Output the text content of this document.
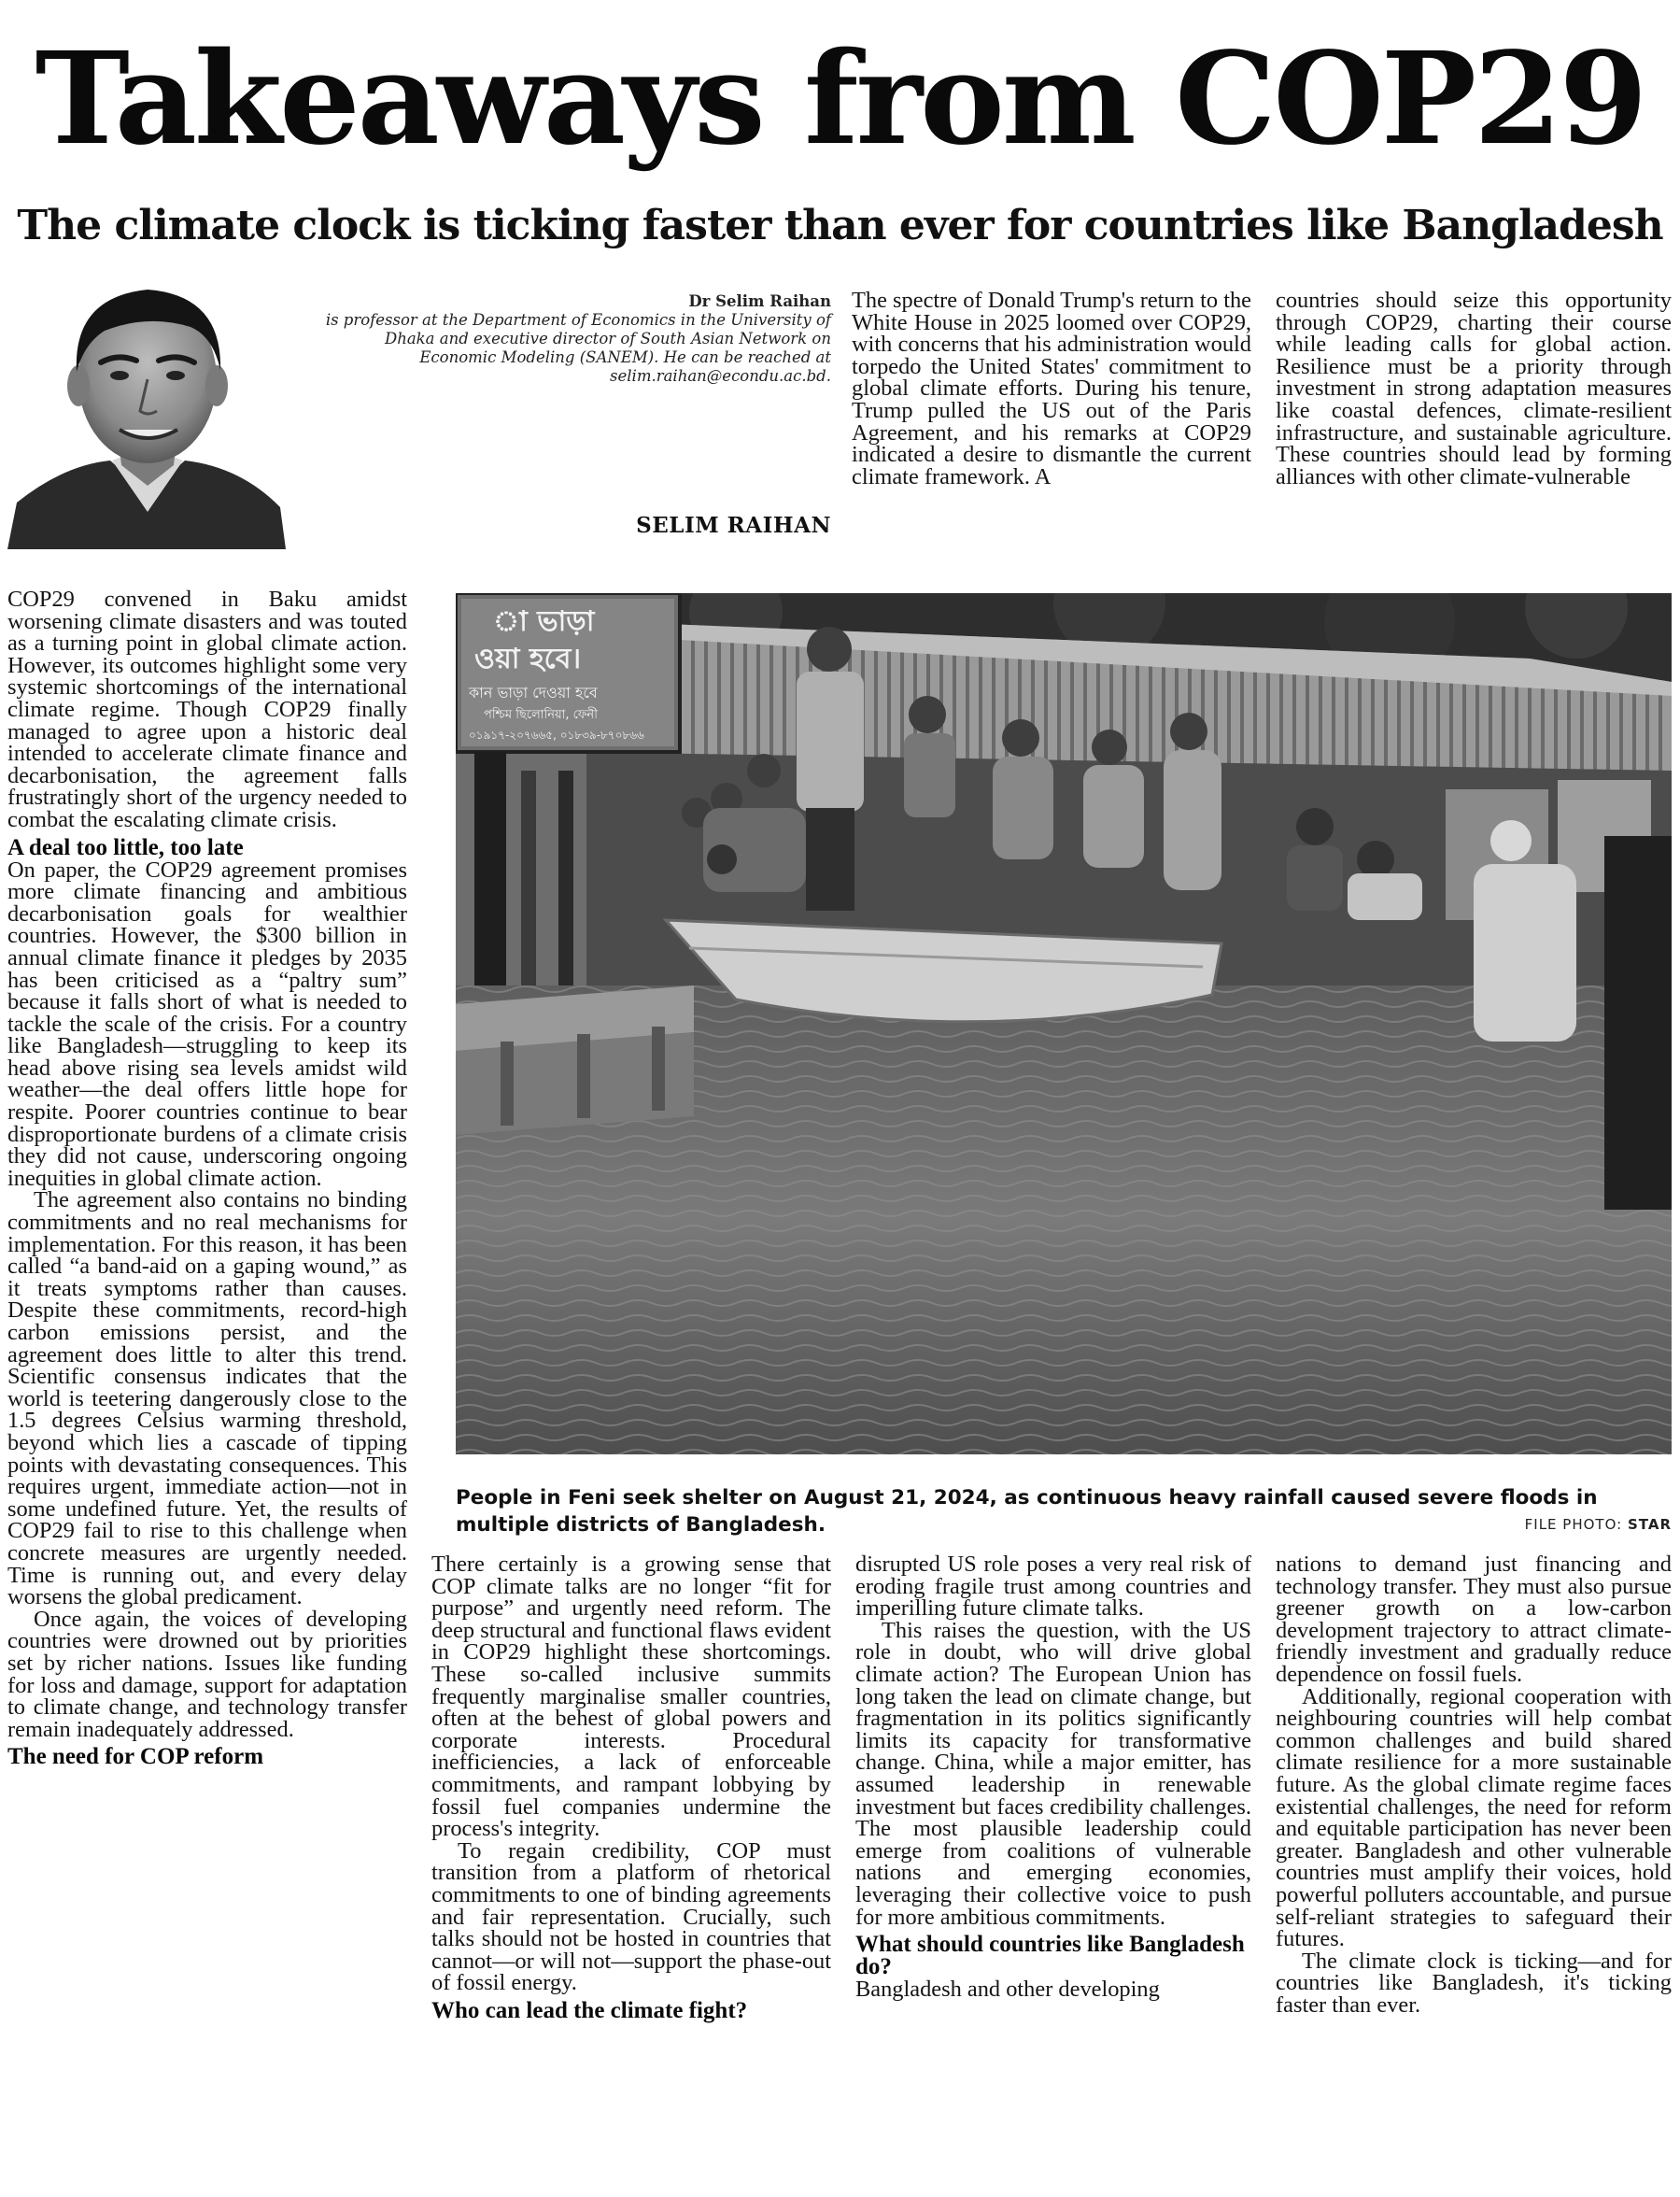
Takeaways from COP29
The climate clock is ticking faster than ever for countries like Bangladesh
Dr Selim Raihan
is professor at the Department of Economics in the University of Dhaka and executive director of South Asian Network on Economic Modeling (SANEM). He can be reached at selim.raihan@econdu.ac.bd.
SELIM RAIHAN

The spectre of Donald Trump's return to the White House in 2025 loomed over COP29, with concerns that his administration would torpedo the United States' commitment to global climate efforts. During his tenure, Trump pulled the US out of the Paris Agreement, and his remarks at COP29 indicated a desire to dismantle the current climate framework. A

countries should seize this opportunity through COP29, charting their course while leading calls for global action. Resilience must be a priority through investment in strong adaptation measures like coastal defences, climate-resilient infrastructure, and sustainable agriculture. These countries should lead by forming alliances with other climate-vulnerable

COP29 convened in Baku amidst worsening climate disasters and was touted as a turning point in global climate action. However, its outcomes highlight some very systemic shortcomings of the international climate regime. Though COP29 finally managed to agree upon a historic deal intended to accelerate climate finance and decarbonisation, the agreement falls frustratingly short of the urgency needed to combat the escalating climate crisis.

A deal too little, too late

On paper, the COP29 agreement promises more climate financing and ambitious decarbonisation goals for wealthier countries. However, the $300 billion in annual climate finance it pledges by 2035 has been criticised as a “paltry sum” because it falls short of what is needed to tackle the scale of the crisis. For a country like Bangladesh—struggling to keep its head above rising sea levels amidst wild weather—the deal offers little hope for respite. Poorer countries continue to bear disproportionate burdens of a climate crisis they did not cause, underscoring ongoing inequities in global climate action.

The agreement also contains no binding commitments and no real mechanisms for implementation. For this reason, it has been called “a band-aid on a gaping wound,” as it treats symptoms rather than causes. Despite these commitments, record-high carbon emissions persist, and the agreement does little to alter this trend. Scientific consensus indicates that the world is teetering dangerously close to the 1.5 degrees Celsius warming threshold, beyond which lies a cascade of tipping points with devastating consequences. This requires urgent, immediate action—not in some undefined future. Yet, the results of COP29 fail to rise to this challenge when concrete measures are urgently needed. Time is running out, and every delay worsens the global predicament.

Once again, the voices of developing countries were drowned out by priorities set by richer nations. Issues like funding for loss and damage, support for adaptation to climate change, and technology transfer remain inadequately addressed.

The need for COP reform
া ভাড়া
ওয়া হবে।
কান ভাড়া দেওয়া হবে
পশ্চিম ছিলোনিয়া, ফেনী
০১৯১৭-২০৭৬৬৫, ০১৮৩৯-৮৭০৮৬৬
People in Feni seek shelter on August 21, 2024, as continuous heavy rainfall caused severe floods in multiple districts of Bangladesh.	FILE PHOTO: STAR

There certainly is a growing sense that COP climate talks are no longer “fit for purpose” and urgently need reform. The deep structural and functional flaws evident in COP29 highlight these shortcomings. These so-called inclusive summits frequently marginalise smaller countries, often at the behest of global powers and corporate interests. Procedural inefficiencies, a lack of enforceable commitments, and rampant lobbying by fossil fuel companies undermine the process's integrity.

To regain credibility, COP must transition from a platform of rhetorical commitments to one of binding agreements and fair representation. Crucially, such talks should not be hosted in countries that cannot—or will not—support the phase-out of fossil energy.

Who can lead the climate fight?

disrupted US role poses a very real risk of eroding fragile trust among countries and imperilling future climate talks.

This raises the question, with the US role in doubt, who will drive global climate action? The European Union has long taken the lead on climate change, but fragmentation in its politics significantly limits its capacity for transformative change. China, while a major emitter, has assumed leadership in renewable investment but faces credibility challenges. The most plausible leadership could emerge from coalitions of vulnerable nations and emerging economies, leveraging their collective voice to push for more ambitious commitments.

What should countries like Bangladesh do?

Bangladesh and other developing

nations to demand just financing and technology transfer. They must also pursue greener growth on a low-carbon development trajectory to attract climate-friendly investment and gradually reduce dependence on fossil fuels.

Additionally, regional cooperation with neighbouring countries will help combat common challenges and build shared climate resilience for a more sustainable future. As the global climate regime faces existential challenges, the need for reform and equitable participation has never been greater. Bangladesh and other vulnerable countries must amplify their voices, hold powerful polluters accountable, and pursue self-reliant strategies to safeguard their futures.

The climate clock is ticking—and for countries like Bangladesh, it's ticking faster than ever.
